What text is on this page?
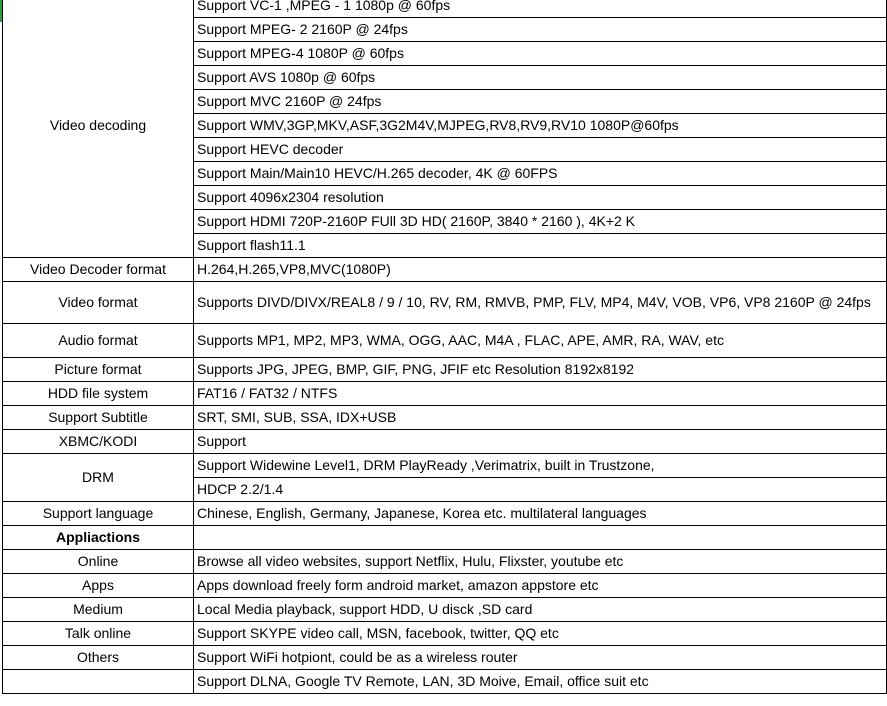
Video decoding	Support VC-1 ,MPEG - 1 1080p @ 60fps
	Support MPEG- 2 2160P @ 24fps
	Support MPEG-4 1080P @ 60fps
	Support AVS 1080p @ 60fps
	Support MVC 2160P @ 24fps
	Support WMV,3GP,MKV,ASF,3G2M4V,MJPEG,RV8,RV9,RV10 1080P@60fps
	Support HEVC decoder
	Support Main/Main10 HEVC/H.265 decoder, 4K @ 60FPS
	Support 4096x2304 resolution
	Support HDMI 720P-2160P FUll 3D HD( 2160P, 3840 * 2160 ), 4K+2 K
	Support flash11.1
Video Decoder format	H.264,H.265,VP8,MVC(1080P)
Video format	Supports DIVD/DIVX/REAL8 / 9 / 10, RV, RM, RMVB, PMP, FLV, MP4, M4V, VOB, VP6, VP8 2160P @ 24fps
Audio format	Supports MP1, MP2, MP3, WMA, OGG, AAC, M4A , FLAC, APE, AMR, RA, WAV, etc
Picture format	Supports JPG, JPEG, BMP, GIF, PNG, JFIF etc Resolution 8192x8192
HDD file system	FAT16 / FAT32 / NTFS
Support Subtitle	SRT, SMI, SUB, SSA, IDX+USB
XBMC/KODI	Support
DRM	Support Widewine Level1, DRM PlayReady ,Verimatrix, built in Trustzone,
	HDCP 2.2/1.4
Support language	Chinese, English, Germany, Japanese, Korea etc. multilateral languages
Appliactions	
Online	Browse all video websites, support Netflix, Hulu, Flixster, youtube etc
Apps	Apps download freely form android market, amazon appstore etc
Medium	Local Media playback, support HDD, U disck ,SD card
Talk online	Support SKYPE video call, MSN, facebook, twitter, QQ etc
Others	Support WiFi hotpiont, could be as a wireless router
	Support DLNA, Google TV Remote, LAN, 3D Moive, Email, office suit etc
